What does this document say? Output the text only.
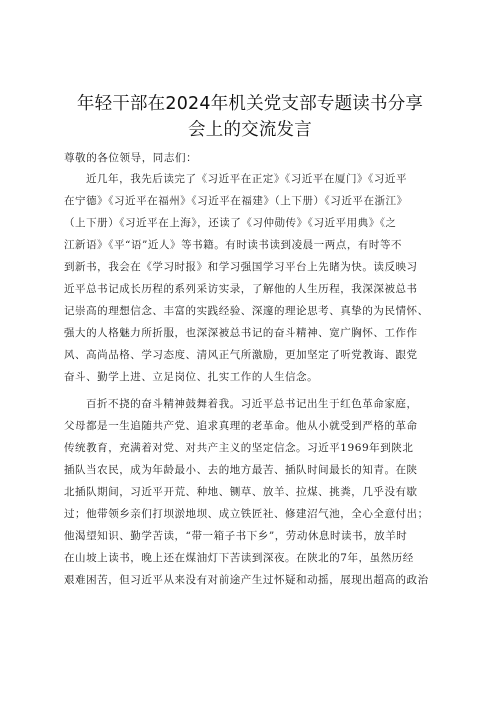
年轻干部在2024年机关党支部专题读书分享
会上的交流发言
尊敬的各位领导，同志们：
近几年，我先后读完了《习近平在正定》《习近平在厦门》《习近平
在宁德》《习近平在福州》《习近平在福建》（上下册）《习近平在浙江》
（上下册）《习近平在上海》，还读了《习仲勋传》《习近平用典》《之
江新语》《平“语”近人》等书籍。有时读书读到凌晨一两点，有时等不
到新书，我会在《学习时报》和学习强国学习平台上先睹为快。读反映习
近平总书记成长历程的系列采访实录，了解他的人生历程，我深深被总书
记崇高的理想信念、丰富的实践经验、深邃的理论思考、真挚的为民情怀、
强大的人格魅力所折服，也深深被总书记的奋斗精神、宽广胸怀、工作作
风、高尚品格、学习态度、清风正气所激励，更加坚定了听党教诲、跟党
奋斗、勤学上进、立足岗位、扎实工作的人生信念。
百折不挠的奋斗精神鼓舞着我。习近平总书记出生于红色革命家庭，
父母都是一生追随共产党、追求真理的老革命。他从小就受到严格的革命
传统教育，充满着对党、对共产主义的坚定信念。习近平1969年到陕北
插队当农民，成为年龄最小、去的地方最苦、插队时间最长的知青。在陕
北插队期间，习近平开荒、种地、铡草、放羊、拉煤、挑粪，几乎没有歇
过；他带领乡亲们打坝淤地坝、成立铁匠社、修建沼气池，全心全意付出；
他渴望知识、勤学苦读，“带一箱子书下乡”，劳动休息时读书，放羊时
在山坡上读书，晚上还在煤油灯下苦读到深夜。在陕北的7年，虽然历经
艰难困苦，但习近平从来没有对前途产生过怀疑和动摇，展现出超高的政治
